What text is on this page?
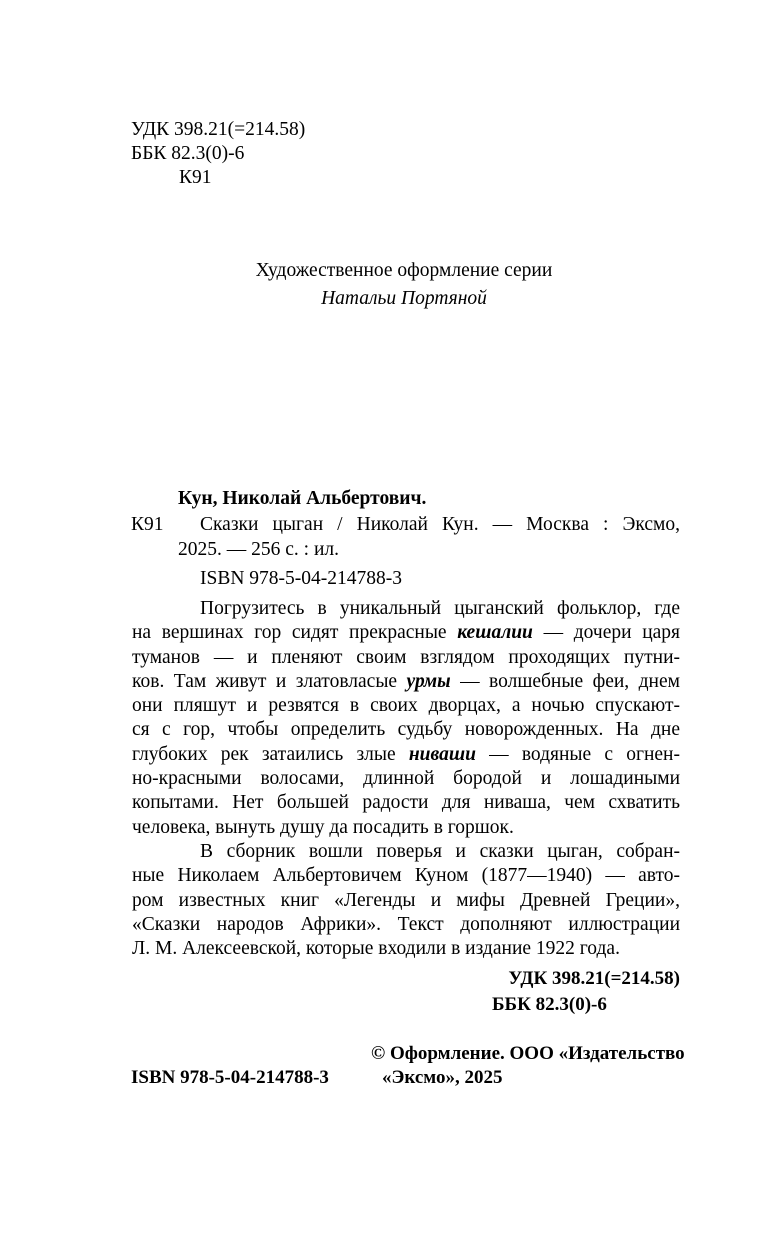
УДК 398.21(=214.58)
ББК 82.3(0)-6
К91
Художественное оформление серии
Натальи Портяной
Кун, Николай Альбертович.
К91 Сказки цыган / Николай Кун. — Москва : Эксмо,
2025. — 256 с. : ил.
ISBN 978-5-04-214788-3
Погрузитесь в уникальный цыганский фольклор, где
на вершинах гор сидят прекрасные кешалии — дочери царя
туманов — и пленяют своим взглядом проходящих путни-
ков. Там живут и златовласые урмы — волшебные феи, днем
они пляшут и резвятся в своих дворцах, а ночью спускают-
ся с гор, чтобы определить судьбу новорожденных. На дне
глубоких рек затаились злые ниваши — водяные с огнен-
но-красными волосами, длинной бородой и лошадиными
копытами. Нет большей радости для ниваша, чем схватить
человека, вынуть душу да посадить в горшок.
В сборник вошли поверья и сказки цыган, собран-
ные Николаем Альбертовичем Куном (1877—1940) — авто-
ром известных книг «Легенды и мифы Древней Греции»,
«Сказки народов Африки». Текст дополняют иллюстрации
Л. М. Алексеевской, которые входили в издание 1922 года.
УДК 398.21(=214.58)
ББК 82.3(0)-6
ISBN 978-5-04-214788-3
© Оформление. ООО «Издательство
«Эксмо», 2025
